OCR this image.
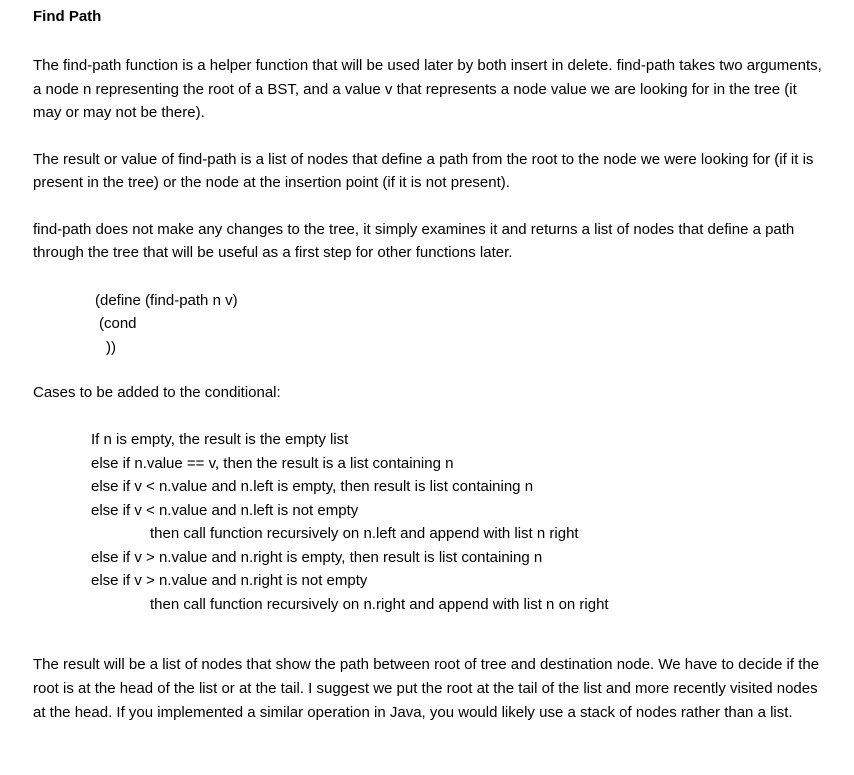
Find Path
The find-path function is a helper function that will be used later by both insert in delete. find-path takes two arguments, a node n representing the root of a BST, and a value v that represents a node value we are looking for in the tree (it may or may not be there).
The result or value of find-path is a list of nodes that define a path from the root to the node we were looking for (if it is present in the tree) or the node at the insertion point (if it is not present).
find-path does not make any changes to the tree, it simply examines it and returns a list of nodes that define a path through the tree that will be useful as a first step for other functions later.
(define (find-path n v)
(cond
))
Cases to be added to the conditional:
If n is empty, the result is the empty list
else if n.value == v, then the result is a list containing n
else if v < n.value and n.left is empty, then result is list containing n
else if v < n.value and n.left is not empty
then call function recursively on n.left and append with list n right
else if v > n.value and n.right is empty, then result is list containing n
else if v > n.value and n.right is not empty
then call function recursively on n.right and append with list n on right
The result will be a list of nodes that show the path between root of tree and destination node. We have to decide if the root is at the head of the list or at the tail. I suggest we put the root at the tail of the list and more recently visited nodes at the head. If you implemented a similar operation in Java, you would likely use a stack of nodes rather than a list.
